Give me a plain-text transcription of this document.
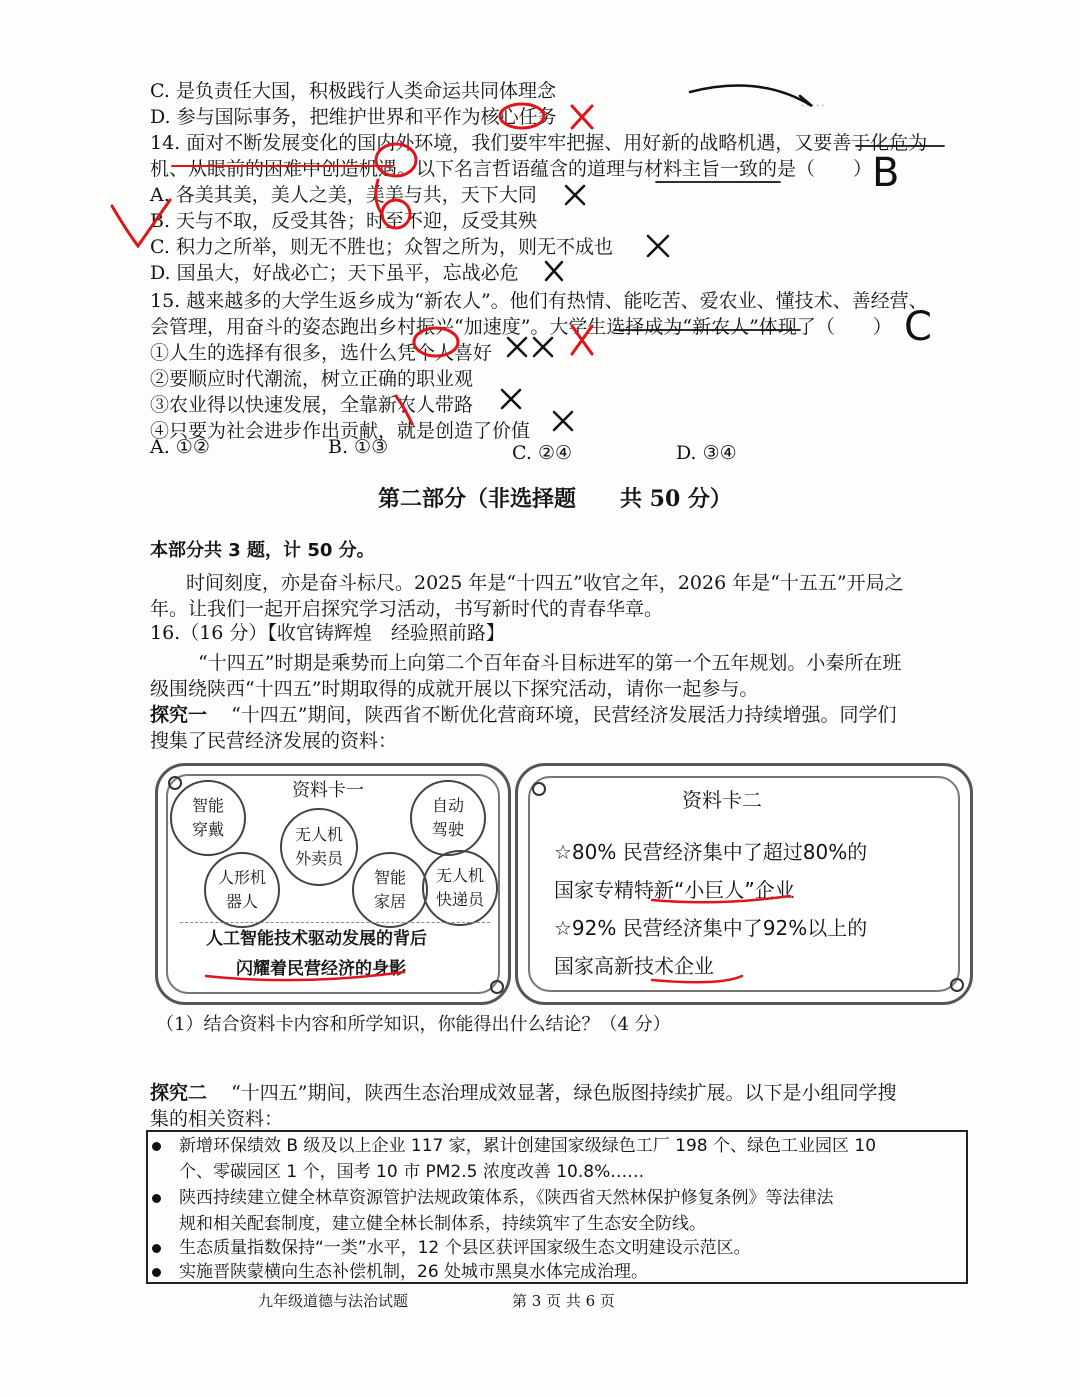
·····
C. 是负责任大国，积极践行人类命运共同体理念
D. 参与国际事务，把维护世界和平作为核心任务
14. 面对不断发展变化的国内外环境，我们要牢牢把握、用好新的战略机遇，又要善于化危为
机、从眼前的困难中创造机遇。以下名言哲语蕴含的道理与材料主旨一致的是（　　）
A. 各美其美，美人之美，美美与共，天下大同
B. 天与不取，反受其咎；时至不迎，反受其殃
C. 积力之所举，则无不胜也；众智之所为，则无不成也
D. 国虽大，好战必亡；天下虽平，忘战必危
15. 越来越多的大学生返乡成为“新农人”。他们有热情、能吃苦、爱农业、懂技术、善经营、
会管理，用奋斗的姿态跑出乡村振兴“加速度”。大学生选择成为“新农人”体现了（　　）
①人生的选择有很多，选什么凭个人喜好
②要顺应时代潮流，树立正确的职业观
③农业得以快速发展，全靠新农人带路
④只要为社会进步作出贡献，就是创造了价值
A. ①②	B. ①③	C. ②④	D. ③④
第二部分（非选择题　　共 50 分）
本部分共 3 题，计 50 分。
时间刻度，亦是奋斗标尺。2025 年是“十四五”收官之年，2026 年是“十五五”开局之
年。让我们一起开启探究学习活动，书写新时代的青春华章。
16.（16 分）【收官铸辉煌　经验照前路】
“十四五”时期是乘势而上向第二个百年奋斗目标进军的第一个五年规划。小秦所在班
级围绕陕西“十四五”时期取得的成就开展以下探究活动，请你一起参与。
探究一 “十四五”期间，陕西省不断优化营商环境，民营经济发展活力持续增强。同学们
搜集了民营经济发展的资料：
资料卡一
智能穿戴	无人机外卖员
自动驾驶
人形机器人
智能家居
无人机快递员
人工智能技术驱动发展的背后
闪耀着民营经济的身影
资料卡二
☆80% 民营经济集中了超过80%的
国家专精特新“小巨人”企业
☆92% 民营经济集中了92%以上的
国家高新技术企业
（1）结合资料卡内容和所学知识，你能得出什么结论？（4 分）
探究二 “十四五”期间，陕西生态治理成效显著，绿色版图持续扩展。以下是小组同学搜
集的相关资料：
新增环保绩效 B 级及以上企业 117 家，累计创建国家级绿色工厂 198 个、绿色工业园区 10
个、零碳园区 1 个，国考 10 市 PM2.5 浓度改善 10.8%……
陕西持续建立健全林草资源管护法规政策体系，《陕西省天然林保护修复条例》等法律法
规和相关配套制度，建立健全林长制体系，持续筑牢了生态安全防线。
生态质量指数保持“一类”水平，12 个县区获评国家级生态文明建设示范区。
实施晋陕蒙横向生态补偿机制，26 处城市黑臭水体完成治理。
九年级道德与法治试题	第 3 页 共 6 页
B
C
